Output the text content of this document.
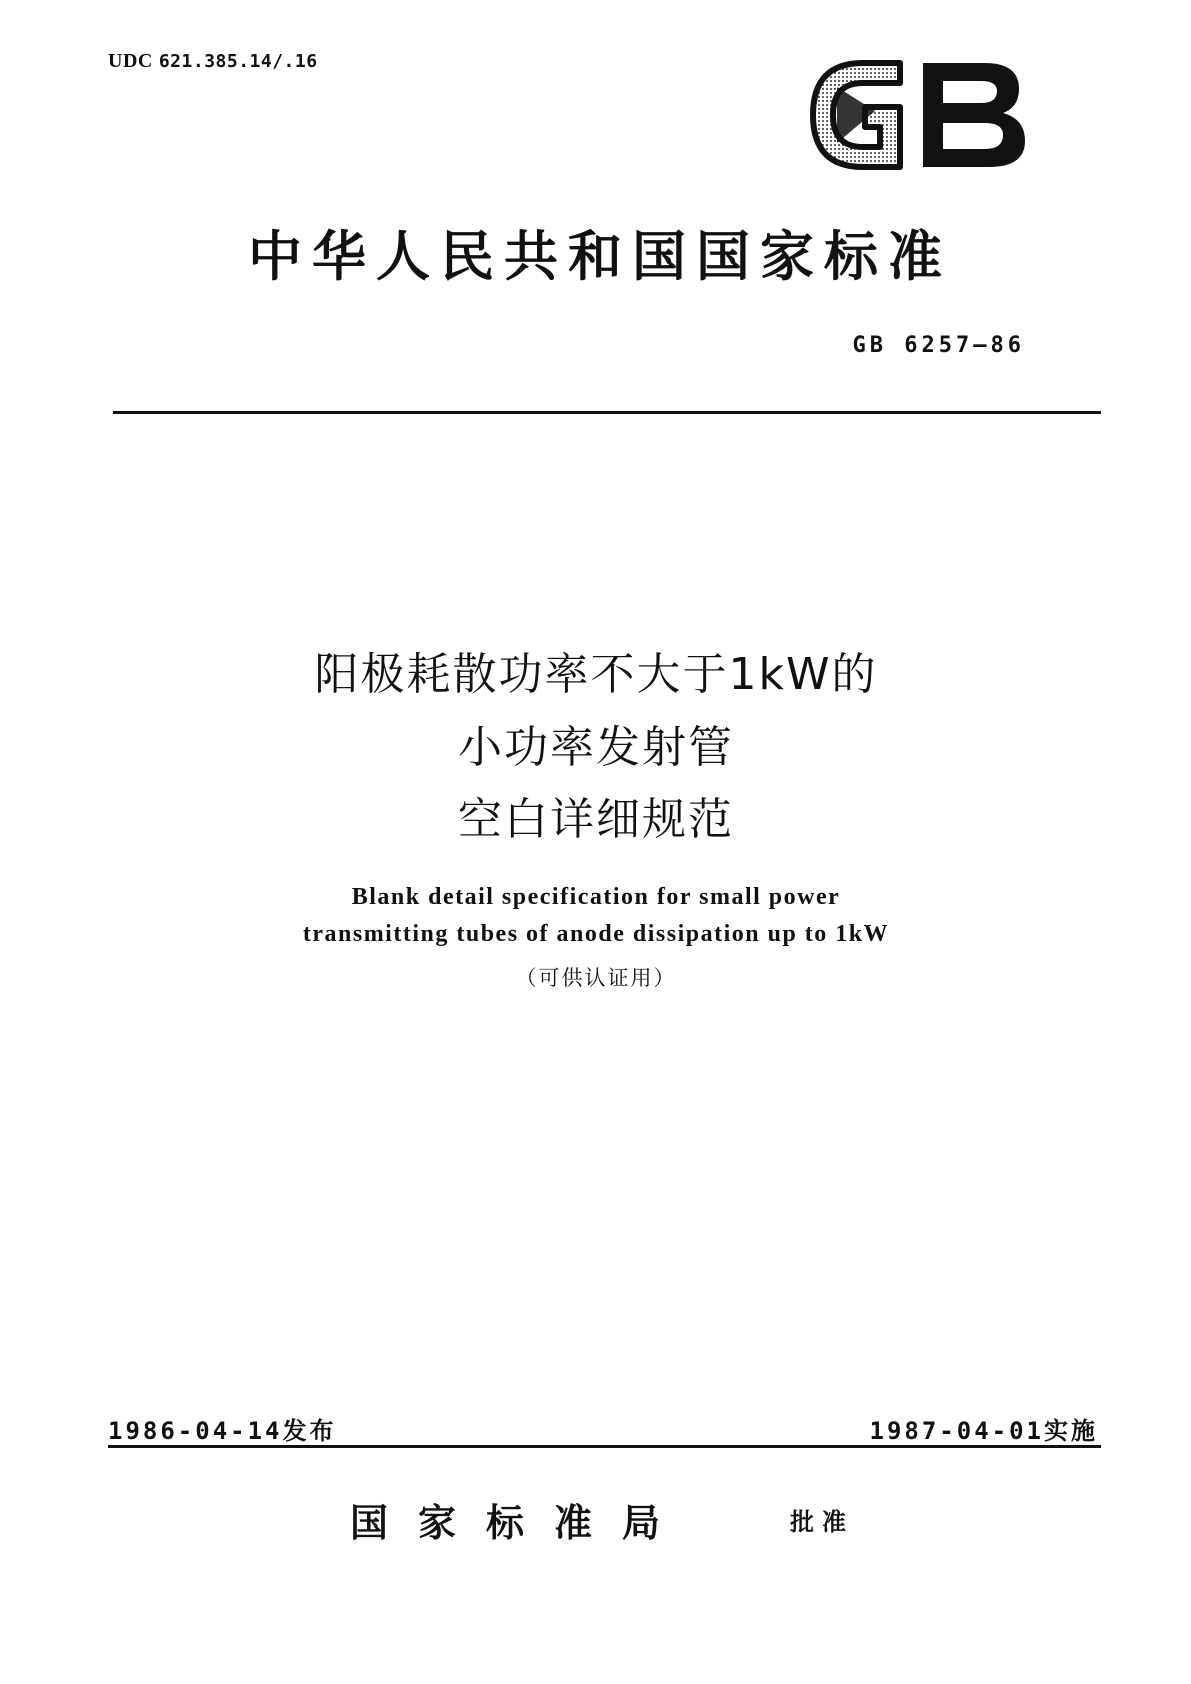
UDC 621.385.14/.16
中华人民共和国国家标准
GB 6257—86
阳极耗散功率不大于1kW的
小功率发射管
空白详细规范
Blank detail specification for small power
transmitting tubes of anode dissipation up to 1kW
（可供认证用）
1986-04-14发布	1987-04-01实施
国家标准局	批准
